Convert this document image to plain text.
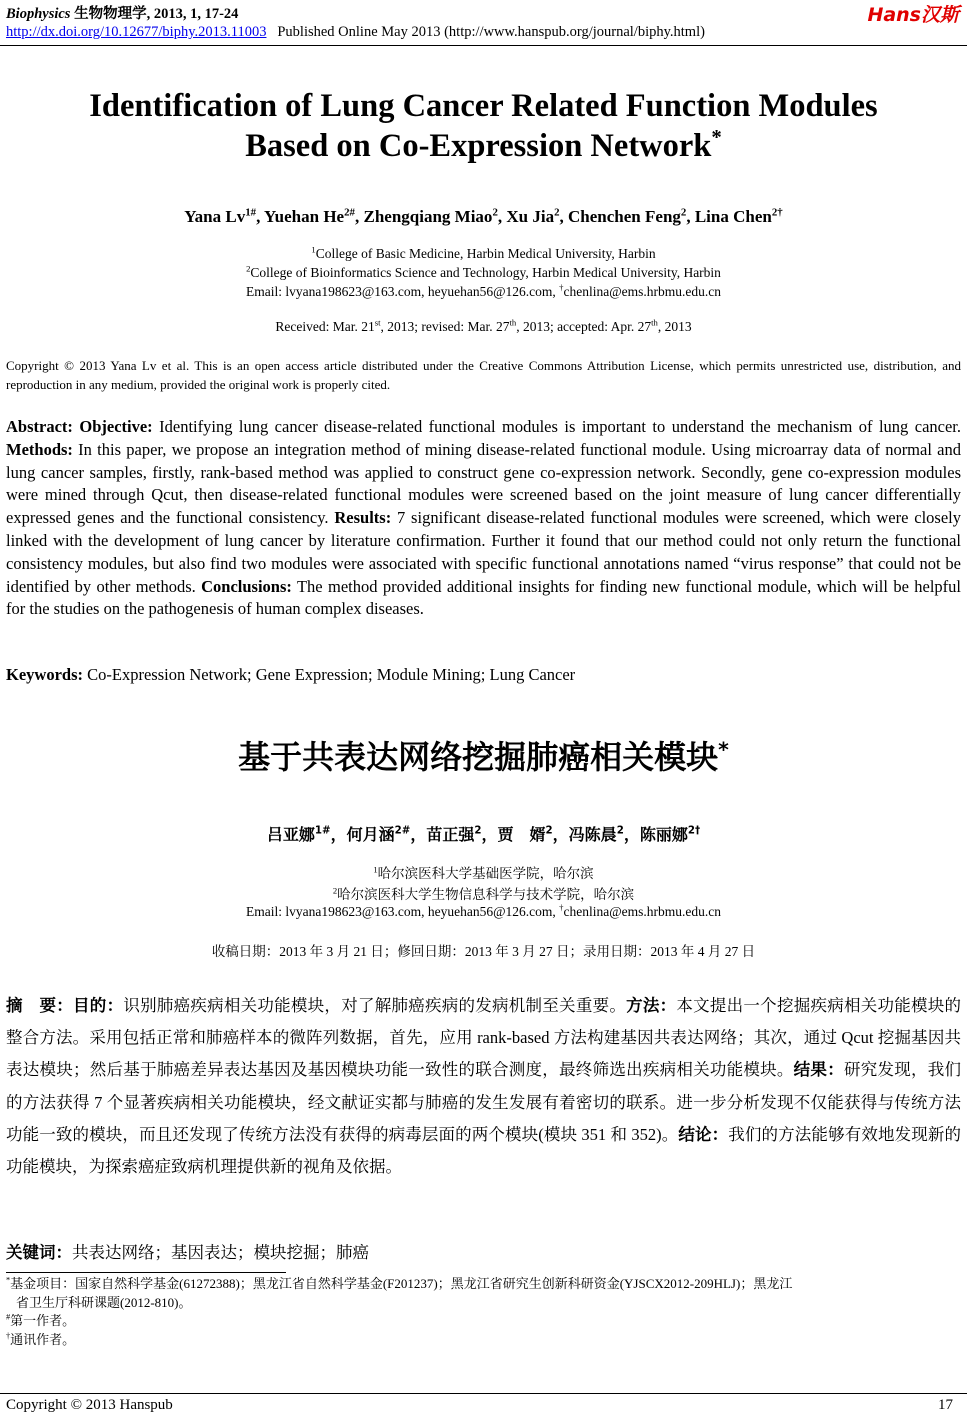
Biophysics 生物物理学, 2013, 1, 17-24	Hans汉斯
http://dx.doi.org/10.12677/biphy.2013.11003 Published Online May 2013 (http://www.hanspub.org/journal/biphy.html)
Identification of Lung Cancer Related Function Modules
Based on Co-Expression Network*
Yana $Lv^{1\#}$, Yuehan $He^{2\#}$, Zhengqiang Miao$^2$, Xu Jia$^2$, Chenchen Feng$^2$, Lina Chen$^{2\dagger}$
$^1$College of Basic Medicine, Harbin Medical University, Harbin
$^2$College of Bioinformatics Science and Technology, Harbin Medical University, Harbin
Email: lvyana198623@163.com, heyuehan56@126.com, †chenlina@ems.hrbmu.edu.cn
Received: Mar. 21st, 2013; revised: Mar. 27th, 2013; accepted: Apr. 27th, 2013
Copyright © 2013 Yana Lv et al. This is an open access article distributed under the Creative Commons Attribution License, which permits unrestricted use, distribution, and reproduction in any medium, provided the original work is properly cited.
Abstract: Objective: Identifying lung cancer disease-related functional modules is important to understand the mechanism of lung cancer. Methods: In this paper, we propose an integration method of mining disease-related functional module. Using microarray data of normal and lung cancer samples, firstly, rank-based method was applied to construct gene co-expression network. Secondly, gene co-expression modules were mined through Qcut, then disease-related functional modules were screened based on the joint measure of lung cancer differentially expressed genes and the functional consistency. Results: 7 significant disease-related functional modules were screened, which were closely linked with the development of lung cancer by literature confirmation. Further it found that our method could not only return the functional consistency modules, but also find two modules were associated with specific functional annotations named “virus response” that could not be identified by other methods. Conclusions: The method provided additional insights for finding new functional module, which will be helpful for the studies on the pathogenesis of human complex diseases.
Keywords: Co-Expression Network; Gene Expression; Module Mining; Lung Cancer
基于共表达网络挖掘肺癌相关模块*
吕亚娜$^{1\#}$，何月涵$^{2\#}$，苗正强$^2$，贾　婿$^2$，冯陈晨$^2$，陈丽娜$^{2\dagger}$
$^1$哈尔滨医科大学基础医学院，哈尔滨
$^2$哈尔滨医科大学生物信息科学与技术学院，哈尔滨
Email: lvyana198623@163.com, heyuehan56@126.com, †chenlina@ems.hrbmu.edu.cn
收稿日期：2013 年 3 月 21 日；修回日期：2013 年 3 月 27 日；录用日期：2013 年 4 月 27 日
摘　要：目的：识别肺癌疾病相关功能模块，对了解肺癌疾病的发病机制至关重要。方法：本文提出一个挖掘疾病相关功能模块的整合方法。采用包括正常和肺癌样本的微阵列数据，首先，应用 rank-based 方法构建基因共表达网络；其次，通过 Qcut 挖掘基因共表达模块；然后基于肺癌差异表达基因及基因模块功能一致性的联合测度，最终筛选出疾病相关功能模块。结果：研究发现，我们的方法获得 7 个显著疾病相关功能模块，经文献证实都与肺癌的发生发展有着密切的联系。进一步分析发现不仅能获得与传统方法功能一致的模块，而且还发现了传统方法没有获得的病毒层面的两个模块(模块 351 和 352)。结论：我们的方法能够有效地发现新的功能模块，为探索癌症致病机理提供新的视角及依据。
关键词：共表达网络；基因表达；模块挖掘；肺癌
*基金项目：国家自然科学基金(61272388)；黑龙江省自然科学基金(F201237)；黑龙江省研究生创新科研资金(YJSCX2012-209HLJ)；黑龙江
省卫生厅科研课题(2012-810)。
#第一作者。
†通讯作者。
Copyright © 2013 Hanspub	17
